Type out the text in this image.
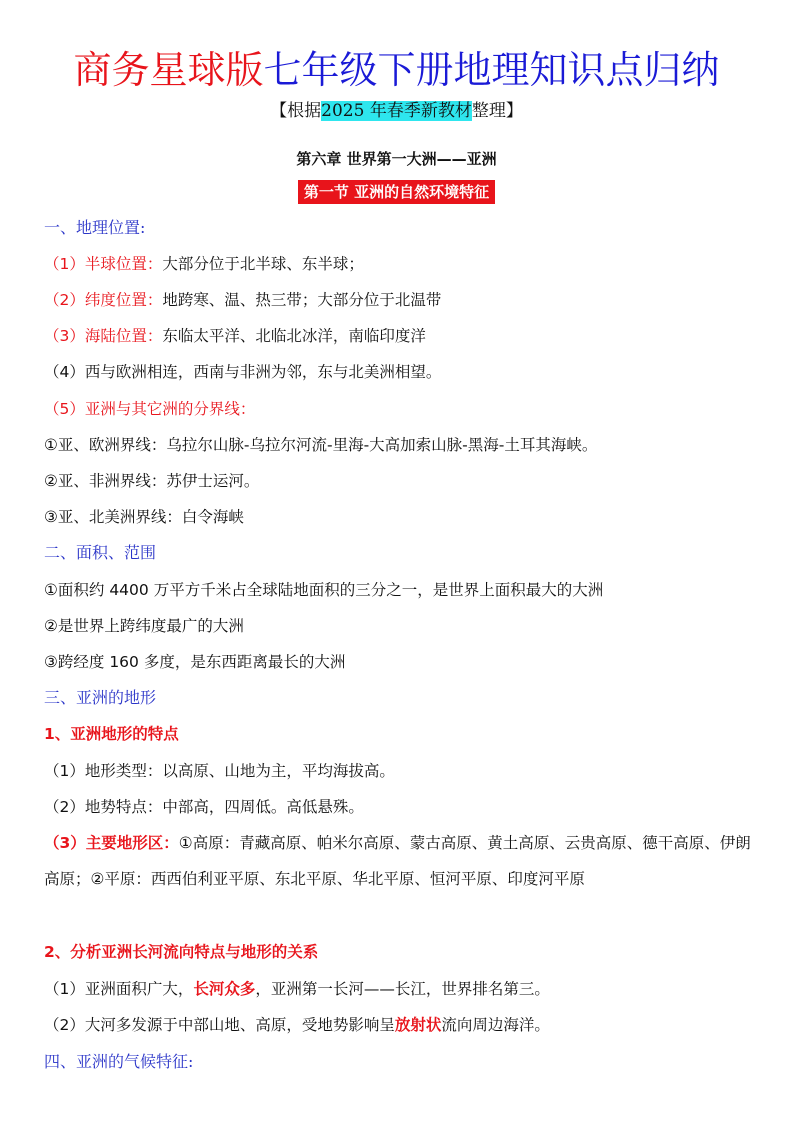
商务星球版七年级下册地理知识点归纳
【根据2025 年春季新教材整理】
第六章 世界第一大洲——亚洲
第一节 亚洲的自然环境特征
一、地理位置:
（1）半球位置：大部分位于北半球、东半球；
（2）纬度位置：地跨寒、温、热三带；大部分位于北温带
（3）海陆位置：东临太平洋、北临北冰洋，南临印度洋
（4）西与欧洲相连，西南与非洲为邻，东与北美洲相望。
（5）亚洲与其它洲的分界线：
①亚、欧洲界线：乌拉尔山脉-乌拉尔河流-里海-大高加索山脉-黑海-土耳其海峡。
②亚、非洲界线：苏伊士运河。
③亚、北美洲界线：白令海峡
二、面积、范围
①面积约 4400 万平方千米占全球陆地面积的三分之一，是世界上面积最大的大洲
②是世界上跨纬度最广的大洲
③跨经度 160 多度，是东西距离最长的大洲
三、亚洲的地形
1、亚洲地形的特点
（1）地形类型：以高原、山地为主，平均海拔高。
（2）地势特点：中部高，四周低。高低悬殊。
（3）主要地形区：①高原：青藏高原、帕米尔高原、蒙古高原、黄土高原、云贵高原、德干高原、伊朗高原；②平原：西西伯利亚平原、东北平原、华北平原、恒河平原、印度河平原
2、分析亚洲长河流向特点与地形的关系
（1）亚洲面积广大，长河众多，亚洲第一长河——长江，世界排名第三。
（2）大河多发源于中部山地、高原，受地势影响呈放射状流向周边海洋。
四、亚洲的气候特征:
